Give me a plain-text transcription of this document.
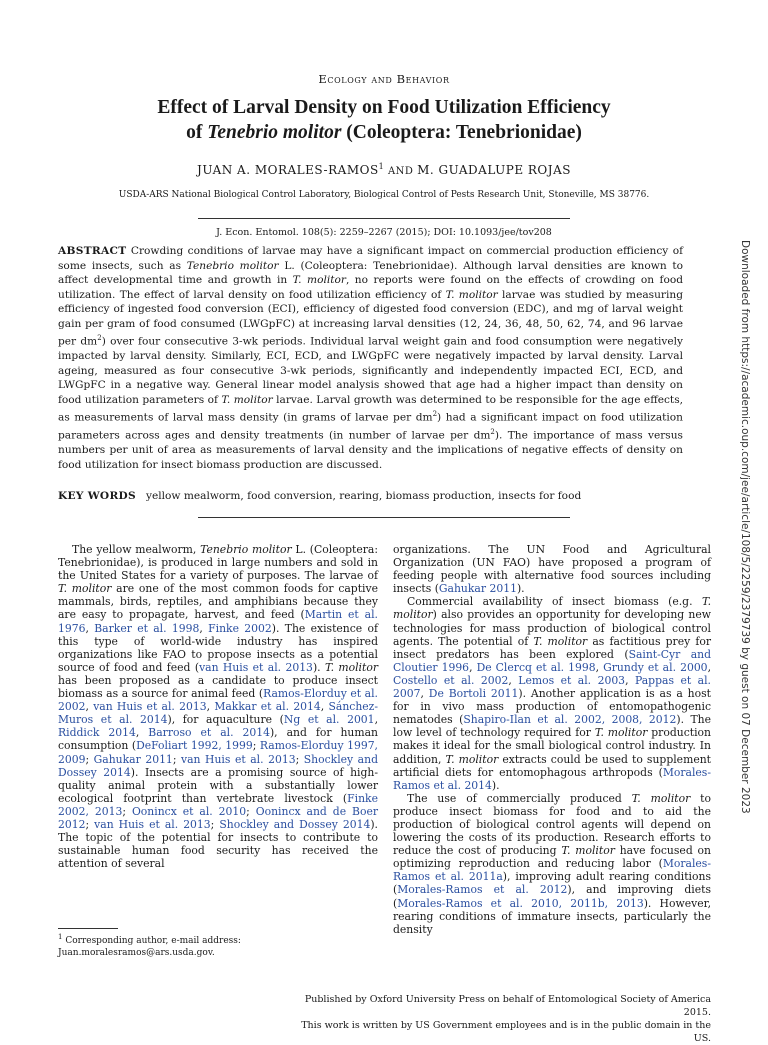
Ecology and Behavior
Effect of Larval Density on Food Utilization Efficiency
of Tenebrio molitor (Coleoptera: Tenebrionidae)
JUAN A. MORALES-RAMOS$^1$ AND M. GUADALUPE ROJAS
USDA-ARS National Biological Control Laboratory, Biological Control of Pests Research Unit, Stoneville, MS 38776.
J. Econ. Entomol. 108(5): 2259–2267 (2015); DOI: 10.1093/jee/tov208
ABSTRACT Crowding conditions of larvae may have a significant impact on commercial production efficiency of some insects, such as Tenebrio molitor L. (Coleoptera: Tenebrionidae). Although larval densities are known to affect developmental time and growth in T. molitor, no reports were found on the effects of crowding on food utilization. The effect of larval density on food utilization efficiency of T. molitor larvae was studied by measuring efficiency of ingested food conversion (ECI), efficiency of digested food conversion (EDC), and mg of larval weight gain per gram of food consumed (LWGpFC) at increasing larval densities (12, 24, 36, 48, 50, 62, 74, and 96 larvae per $dm^2$) over four consecutive 3-wk periods. Individual larval weight gain and food consumption were negatively impacted by larval density. Similarly, ECI, ECD, and LWGpFC were negatively impacted by larval density. Larval ageing, measured as four consecutive 3-wk periods, significantly and independently impacted ECI, ECD, and LWGpFC in a negative way. General linear model analysis showed that age had a higher impact than density on food utilization parameters of T. molitor larvae. Larval growth was determined to be responsible for the age effects, as measurements of larval mass density (in grams of larvae per $dm^2$) had a significant impact on food utilization parameters across ages and density treatments (in number of larvae per $dm^2$). The importance of mass versus numbers per unit of area as measurements of larval density and the implications of negative effects of density on food utilization for insect biomass production are discussed.
KEY WORDS yellow mealworm, food conversion, rearing, biomass production, insects for food

The yellow mealworm, Tenebrio molitor L. (Coleoptera: Tenebrionidae), is produced in large numbers and sold in the United States for a variety of purposes. The larvae of T. molitor are one of the most common foods for captive mammals, birds, reptiles, and amphibians because they are easy to propagate, harvest, and feed (Martin et al. 1976, Barker et al. 1998, Finke 2002). The existence of this type of world-wide industry has inspired organizations like FAO to propose insects as a potential source of food and feed (van Huis et al. 2013). T. molitor has been proposed as a candidate to produce insect biomass as a source for animal feed (Ramos-Elorduy et al. 2002, van Huis et al. 2013, Makkar et al. 2014, Sánchez-Muros et al. 2014), for aquaculture (Ng et al. 2001, Riddick 2014, Barroso et al. 2014), and for human consumption (DeFoliart 1992, 1999; Ramos-Elorduy 1997, 2009; Gahukar 2011; van Huis et al. 2013; Shockley and Dossey 2014). Insects are a promising source of high-quality animal protein with a substantially lower ecological footprint than vertebrate livestock (Finke 2002, 2013; Oonincx et al. 2010; Oonincx and de Boer 2012; van Huis et al. 2013; Shockley and Dossey 2014). The topic of the potential for insects to contribute to sustainable human food security has received the attention of several

organizations. The UN Food and Agricultural Organization (UN FAO) have proposed a program of feeding people with alternative food sources including insects (Gahukar 2011).

Commercial availability of insect biomass (e.g. T. molitor) also provides an opportunity for developing new technologies for mass production of biological control agents. The potential of T. molitor as factitious prey for insect predators has been explored (Saint-Cyr and Cloutier 1996, De Clercq et al. 1998, Grundy et al. 2000, Costello et al. 2002, Lemos et al. 2003, Pappas et al. 2007, De Bortoli 2011). Another application is as a host for in vivo mass production of entomopathogenic nematodes (Shapiro-Ilan et al. 2002, 2008, 2012). The low level of technology required for T. molitor production makes it ideal for the small biological control industry. In addition, T. molitor extracts could be used to supplement artificial diets for entomophagous arthropods (Morales-Ramos et al. 2014).

The use of commercially produced T. molitor to produce insect biomass for food and to aid the production of biological control agents will depend on lowering the costs of its production. Research efforts to reduce the cost of producing T. molitor have focused on optimizing reproduction and reducing labor (Morales-Ramos et al. 2011a), improving adult rearing conditions (Morales-Ramos et al. 2012), and improving diets (Morales-Ramos et al. 2010, 2011b, 2013). However, rearing conditions of immature insects, particularly the density

$^1$ Corresponding author, e-mail address: Juan.moralesramos@ars.usda.gov.
Published by Oxford University Press on behalf of Entomological Society of America 2015.
This work is written by US Government employees and is in the public domain in the US.
Downloaded from https://academic.oup.com/jee/article/108/5/2259/2379739 by guest on 07 December 2023
